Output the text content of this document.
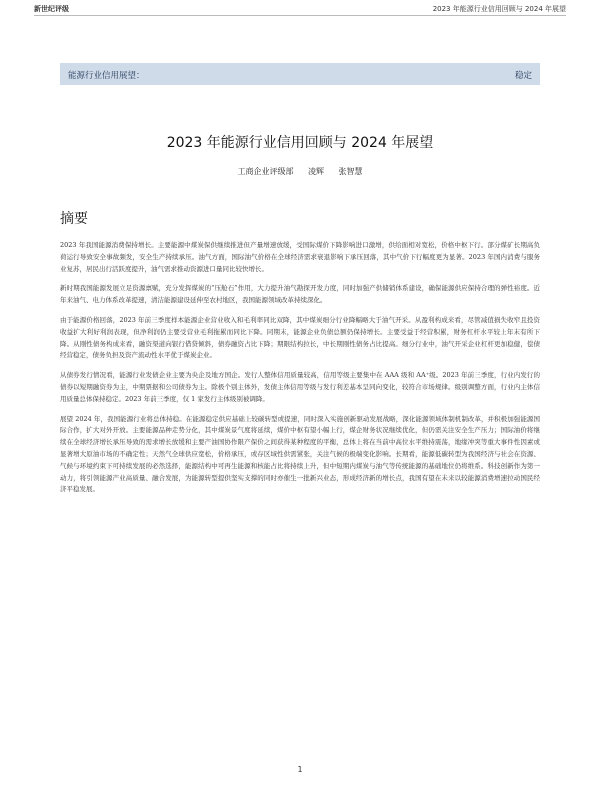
新世纪评级	2023 年能源行业信用回顾与 2024 年展望
能源行业信用展望：	稳定
2023 年能源行业信用回顾与 2024 年展望
工商企业评级部 凌辉 张智慧
摘要

2023 年我国能源消费保持增长。主要能源中煤炭保供继续推进但产量增速放缓，受国际煤价下降影响进口激增，供给面相对宽松，价格中枢下行。部分煤矿长期高负荷运行导致安全事故频发，安全生产持续承压。油气方面，国际油气价格在全球经济需求衰退影响下承压回落，其中气价下行幅度更为显著。2023 年国内消费与服务业复苏，居民出行活跃度提升，油气需求推动资源进口量同比较快增长。

新时期我国能源发展立足资源禀赋，充分发挥煤炭的“压舱石”作用，大力提升油气勘探开发力度，同时加强产供储销体系建设，确保能源供应保持合理的弹性裕度。近年来油气、电力体系改革提速，清洁能源建设延伸至农村地区，我国能源领域改革持续深化。

由于能源价格回落，2023 年前三季度样本能源企业营业收入和毛利率同比双降，其中煤炭细分行业降幅略大于油气开采。从盈利构成来看，尽管减值损失收窄且投资收益扩大利好利润表现，但净利润仍主要受营业毛利拖累而同比下降。同期末，能源企业负债总额仍保持增长。主要受益于经营积累，财务杠杆水平较上年末有所下降。从刚性债务构成来看，融资渠道向银行借贷倾斜，债券融资占比下降；期限结构拉长，中长期刚性债务占比提高。细分行业中，油气开采企业杠杆更加稳健，偿债经营稳定，债务负担及资产流动性水平优于煤炭企业。

从债券发行情况看，能源行业发债企业主要为央企及地方国企。发行人整体信用质量较高，信用等级主要集中在 AAA 级和 AA⁺级。2023 年前三季度，行业内发行的债券以短期融资券为主，中期票据和公司债券为主。除极个别主体外，发债主体信用等级与发行利差基本呈同向变化，较符合市场规律。级别调整方面，行业内主体信用质量总体保持稳定。2023 年前三季度，仅 1 家发行主体级别被调降。

展望 2024 年，我国能源行业将总体持稳。在能源稳定供应基础上较碳转型或提速，同时深入实施创新驱动发展战略，深化能源领域体制机制改革，并积极加强能源国际合作，扩大对外开放。主要能源品种走势分化，其中煤炭景气度将延续，煤价中枢有望小幅上行，煤企财务状况继续优化，但仍需关注安全生产压力；国际油价将继续在全球经济增长承压导致的需求增长放缓和主要产油国协作限产保价之间获得某种程度的平衡，总体上将在当前中高位水平维持震荡，地缘冲突等重大事件性因素或显著增大原油市场的不确定性；天然气全球供应宽松，价格承压，或存区域性供需紧张，关注气候的极端变化影响。长期看，能源低碳转型为我国经济与社会在资源、气候与环境约束下可持续发展的必然选择，能源结构中可再生能源和核能占比将持续上升，但中短期内煤炭与油气等传统能源的基础地位仍将维系。科技创新作为第一动力，将引领能源产业高质量、融合发展，为能源转型提供坚实支撑的同时亦催生一批新兴业态，形成经济新的增长点，我国有望在未来以较能源消费增速拉动国民经济平稳发展。

1
